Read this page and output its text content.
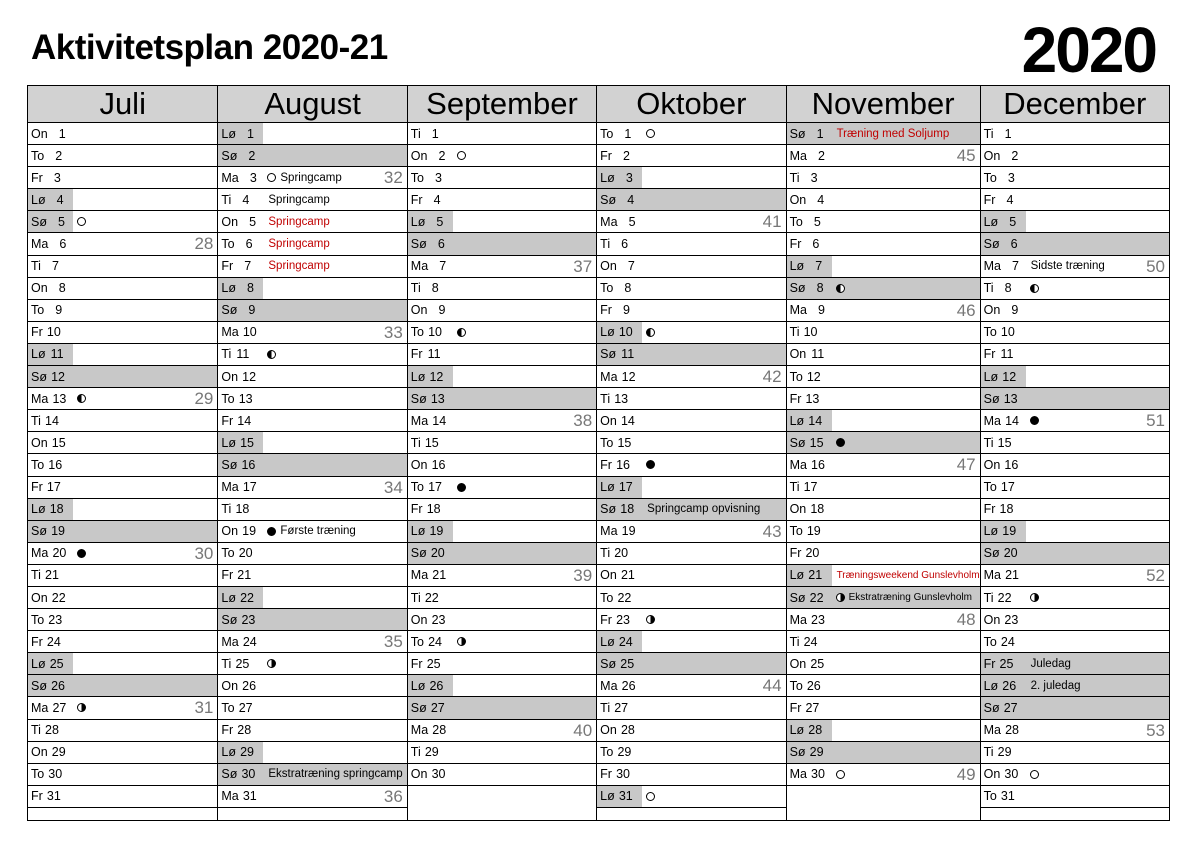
Aktivitetsplan 2020-21	2020
Juli
On 1
To 2
Fr 3
Lø 4
Sø 5
Ma 6	28
Ti 7
On 8
To 9
Fr 10
Lø 11
Sø 12
Ma 13	29
Ti 14
On 15
To 16
Fr 17
Lø 18
Sø 19
Ma 20	30
Ti 21
On 22
To 23
Fr 24
Lø 25
Sø 26
Ma 27	31
Ti 28
On 29
To 30
Fr 31
August
Lø 1
Sø 2
Ma 3	Springcamp 32
Ti 4	Springcamp
On 5	Springcamp
To 6	Springcamp
Fr 7	Springcamp
Lø 8
Sø 9
Ma 10	33
Ti 11
On 12
To 13
Fr 14
Lø 15
Sø 16
Ma 17	34
Ti 18
On 19	Første træning
To 20
Fr 21
Lø 22
Sø 23
Ma 24	35
Ti 25
On 26
To 27
Fr 28
Lø 29
Sø 30	Ekstratræning springcamp
Ma 31	36
September
Ti 1
On 2
To 3
Fr 4
Lø 5
Sø 6
Ma 7	37
Ti 8
On 9
To 10
Fr 11
Lø 12
Sø 13
Ma 14	38
Ti 15
On 16
To 17
Fr 18
Lø 19
Sø 20
Ma 21	39
Ti 22
On 23
To 24
Fr 25
Lø 26
Sø 27
Ma 28	40
Ti 29
On 30
Oktober
To 1
Fr 2
Lø 3
Sø 4
Ma 5	41
Ti 6
On 7
To 8
Fr 9
Lø 10
Sø 11
Ma 12	42
Ti 13
On 14
To 15
Fr 16
Lø 17
Sø 18	Springcamp opvisning
Ma 19	43
Ti 20
On 21
To 22
Fr 23
Lø 24
Sø 25
Ma 26	44
Ti 27
On 28
To 29
Fr 30
Lø 31
November
Sø 1	Træning med Soljump
Ma 2	45
Ti 3
On 4
To 5
Fr 6
Lø 7
Sø 8
Ma 9	46
Ti 10
On 11
To 12
Fr 13
Lø 14
Sø 15
Ma 16	47
Ti 17
On 18
To 19
Fr 20
Lø 21	Træningsweekend Gunslevholm
Sø 22	Ekstratræning Gunslevholm
Ma 23	48
Ti 24
On 25
To 26
Fr 27
Lø 28
Sø 29
Ma 30	49
December
Ti 1
On 2
To 3
Fr 4
Lø 5
Sø 6
Ma 7	Sidste træning 50
Ti 8
On 9
To 10
Fr 11
Lø 12
Sø 13
Ma 14	51
Ti 15
On 16
To 17
Fr 18
Lø 19
Sø 20
Ma 21	52
Ti 22
On 23
To 24
Fr 25	Juledag
Lø 26	2. juledag
Sø 27
Ma 28	53
Ti 29
On 30
To 31
